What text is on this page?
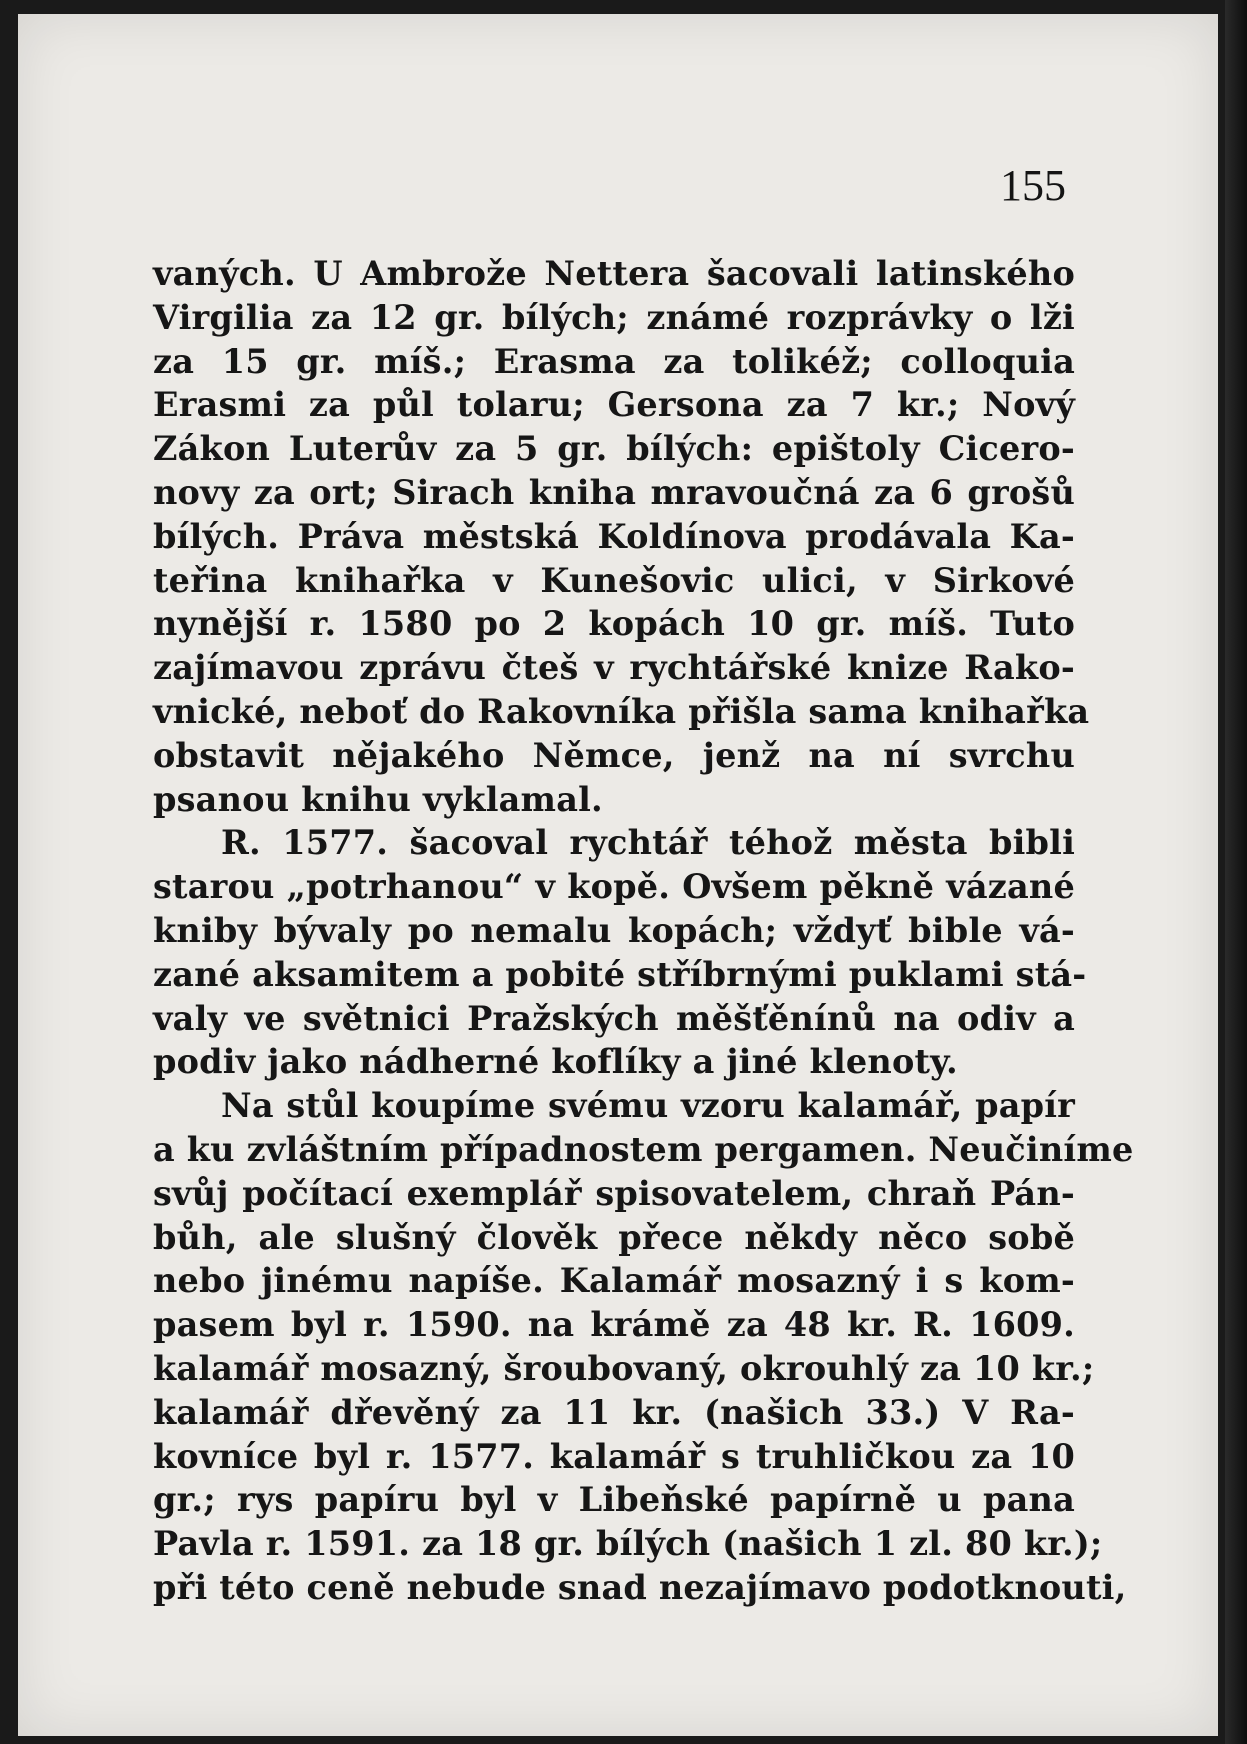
155
vaných. U Ambrože Nettera šacovali latinského
Virgilia za 12 gr. bílých; známé rozprávky o lži
za 15 gr. míš.; Erasma za tolikéž; colloquia
Erasmi za půl tolaru; Gersona za 7 kr.; Nový
Zákon Luterův za 5 gr. bílých: epištoly Cicero-
novy za ort; Sirach kniha mravoučná za 6 grošů
bílých. Práva městská Koldínova prodávala Ka-
teřina knihařka v Kunešovic ulici, v Sirkové
nynější r. 1580 po 2 kopách 10 gr. míš. Tuto
zajímavou zprávu čteš v rychtářské knize Rako-
vnické, neboť do Rakovníka přišla sama knihařka
obstavit nějakého Němce, jenž na ní svrchu
psanou knihu vyklamal.
R. 1577. šacoval rychtář téhož města bibli
starou „potrhanou“ v kopě. Ovšem pěkně vázané
kniby bývaly po nemalu kopách; vždyť bible vá-
zané aksamitem a pobité stříbrnými puklami stá-
valy ve světnici Pražských měšťěnínů na odiv a
podiv jako nádherné koflíky a jiné klenoty.
Na stůl koupíme svému vzoru kalamář, papír
a ku zvláštním případnostem pergamen. Neučiníme
svůj počítací exemplář spisovatelem, chraň Pán-
bůh, ale slušný člověk přece někdy něco sobě
nebo jinému napíše. Kalamář mosazný i s kom-
pasem byl r. 1590. na krámě za 48 kr. R. 1609.
kalamář mosazný, šroubovaný, okrouhlý za 10 kr.;
kalamář dřevěný za 11 kr. (našich 33.) V Ra-
kovníce byl r. 1577. kalamář s truhličkou za 10
gr.; rys papíru byl v Libeňské papírně u pana
Pavla r. 1591. za 18 gr. bílých (našich 1 zl. 80 kr.);
při této ceně nebude snad nezajímavo podotknouti,
